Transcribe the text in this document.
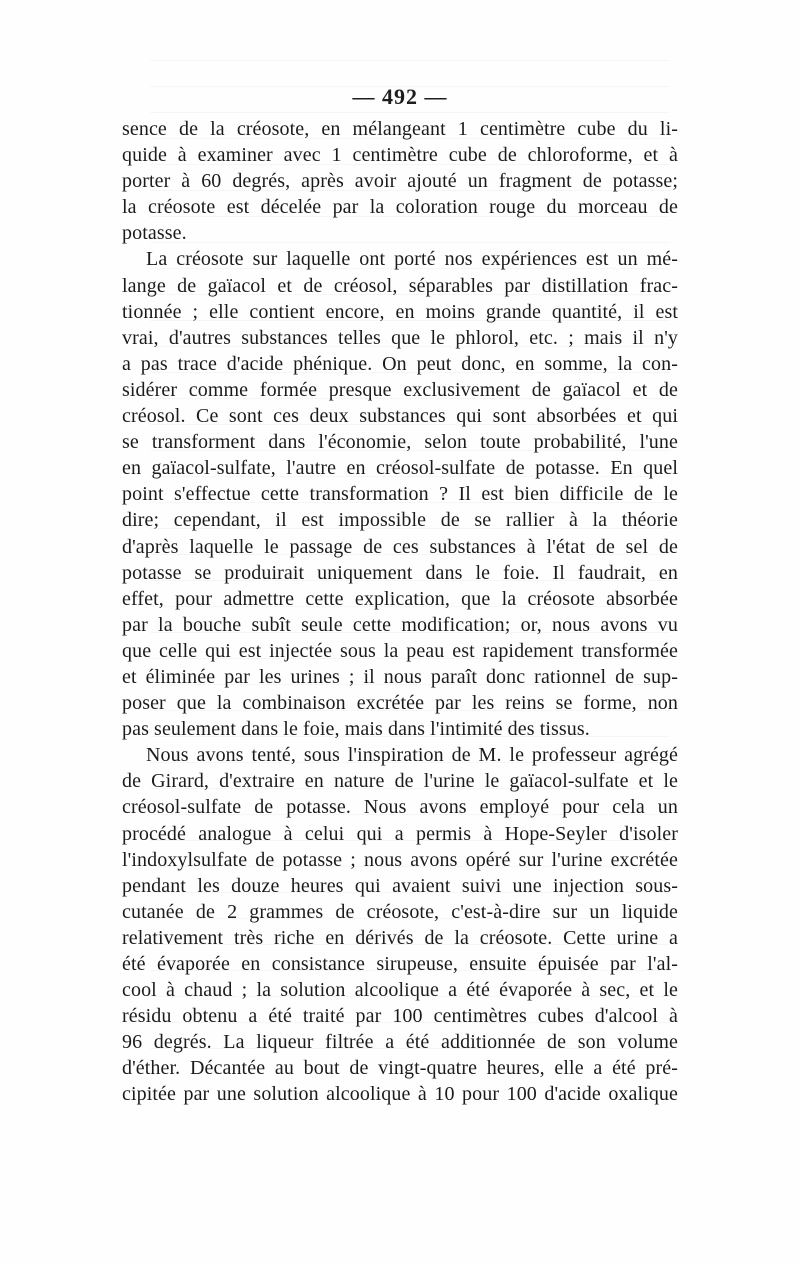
— 492 —
sence de la créosote, en mélangeant 1 centimètre cube du li-
quide à examiner avec 1 centimètre cube de chloroforme, et à
porter à 60 degrés, après avoir ajouté un fragment de potasse;
la créosote est décelée par la coloration rouge du morceau de
potasse.
La créosote sur laquelle ont porté nos expériences est un mé-
lange de gaïacol et de créosol, séparables par distillation frac-
tionnée ; elle contient encore, en moins grande quantité, il est
vrai, d'autres substances telles que le phlorol, etc. ; mais il n'y
a pas trace d'acide phénique. On peut donc, en somme, la con-
sidérer comme formée presque exclusivement de gaïacol et de
créosol. Ce sont ces deux substances qui sont absorbées et qui
se transforment dans l'économie, selon toute probabilité, l'une
en gaïacol-sulfate, l'autre en créosol-sulfate de potasse. En quel
point s'effectue cette transformation ? Il est bien difficile de le
dire; cependant, il est impossible de se rallier à la théorie
d'après laquelle le passage de ces substances à l'état de sel de
potasse se produirait uniquement dans le foie. Il faudrait, en
effet, pour admettre cette explication, que la créosote absorbée
par la bouche subît seule cette modification; or, nous avons vu
que celle qui est injectée sous la peau est rapidement transformée
et éliminée par les urines ; il nous paraît donc rationnel de sup-
poser que la combinaison excrétée par les reins se forme, non
pas seulement dans le foie, mais dans l'intimité des tissus.
Nous avons tenté, sous l'inspiration de M. le professeur agrégé
de Girard, d'extraire en nature de l'urine le gaïacol-sulfate et le
créosol-sulfate de potasse. Nous avons employé pour cela un
procédé analogue à celui qui a permis à Hope-Seyler d'isoler
l'indoxylsulfate de potasse ; nous avons opéré sur l'urine excrétée
pendant les douze heures qui avaient suivi une injection sous-
cutanée de 2 grammes de créosote, c'est-à-dire sur un liquide
relativement très riche en dérivés de la créosote. Cette urine a
été évaporée en consistance sirupeuse, ensuite épuisée par l'al-
cool à chaud ; la solution alcoolique a été évaporée à sec, et le
résidu obtenu a été traité par 100 centimètres cubes d'alcool à
96 degrés. La liqueur filtrée a été additionnée de son volume
d'éther. Décantée au bout de vingt-quatre heures, elle a été pré-
cipitée par une solution alcoolique à 10 pour 100 d'acide oxalique
